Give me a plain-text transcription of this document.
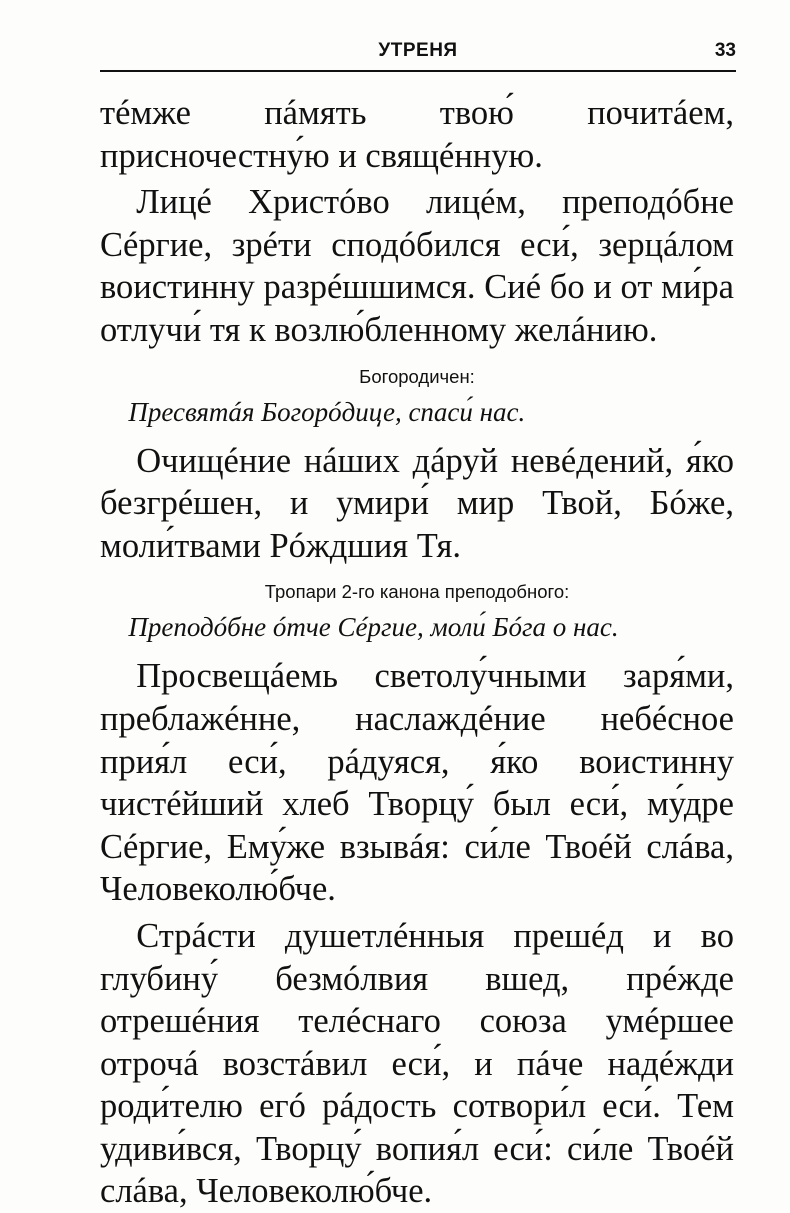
УТРЕНЯ	33

тéмже пáмять твою́ почитáем, присночестну́ю и свящéнную.

Лицé Христóво лицéм, преподóбне Сéргие, зрéти сподóбился еси́, зерцáлом воистинну разрéшшимся. Сиé бо и от ми́ра отлучи́ тя к возлю́бленному желáнию.

Богородичен:
Пресвятáя Богорóдице, спаси́ нас.

Очищéние нáших дáруй невéдений, я́ко безгрéшен, и умири́ мир Твой, Бóже, моли́твами Рóждшия Тя.

Тропари 2-го канона преподобного:
Преподóбне óтче Сéргие, моли́ Бóга о нас.

Просвещáемь светолу́чными заря́ми, преблажéнне, наслаждéние небéсное прия́л еси́, рáдуяся, я́ко воистинну чистéйший хлеб Творцу́ был еси́, му́дре Сéргие, Ему́же взывáя: си́ле Твоéй слáва, Человеколю́бче.

Стрáсти душетлéнныя прешéд и во глубину́ безмóлвия вшед, прéжде отрешéния телéснаго союза умéршее отрочá возстáвил еси́, и пáче надéжди роди́телю егó рáдость сотвори́л еси́. Тем удиви́вся, Творцу́ вопия́л еси́: си́ле Твоéй слáва, Человеколю́бче.
